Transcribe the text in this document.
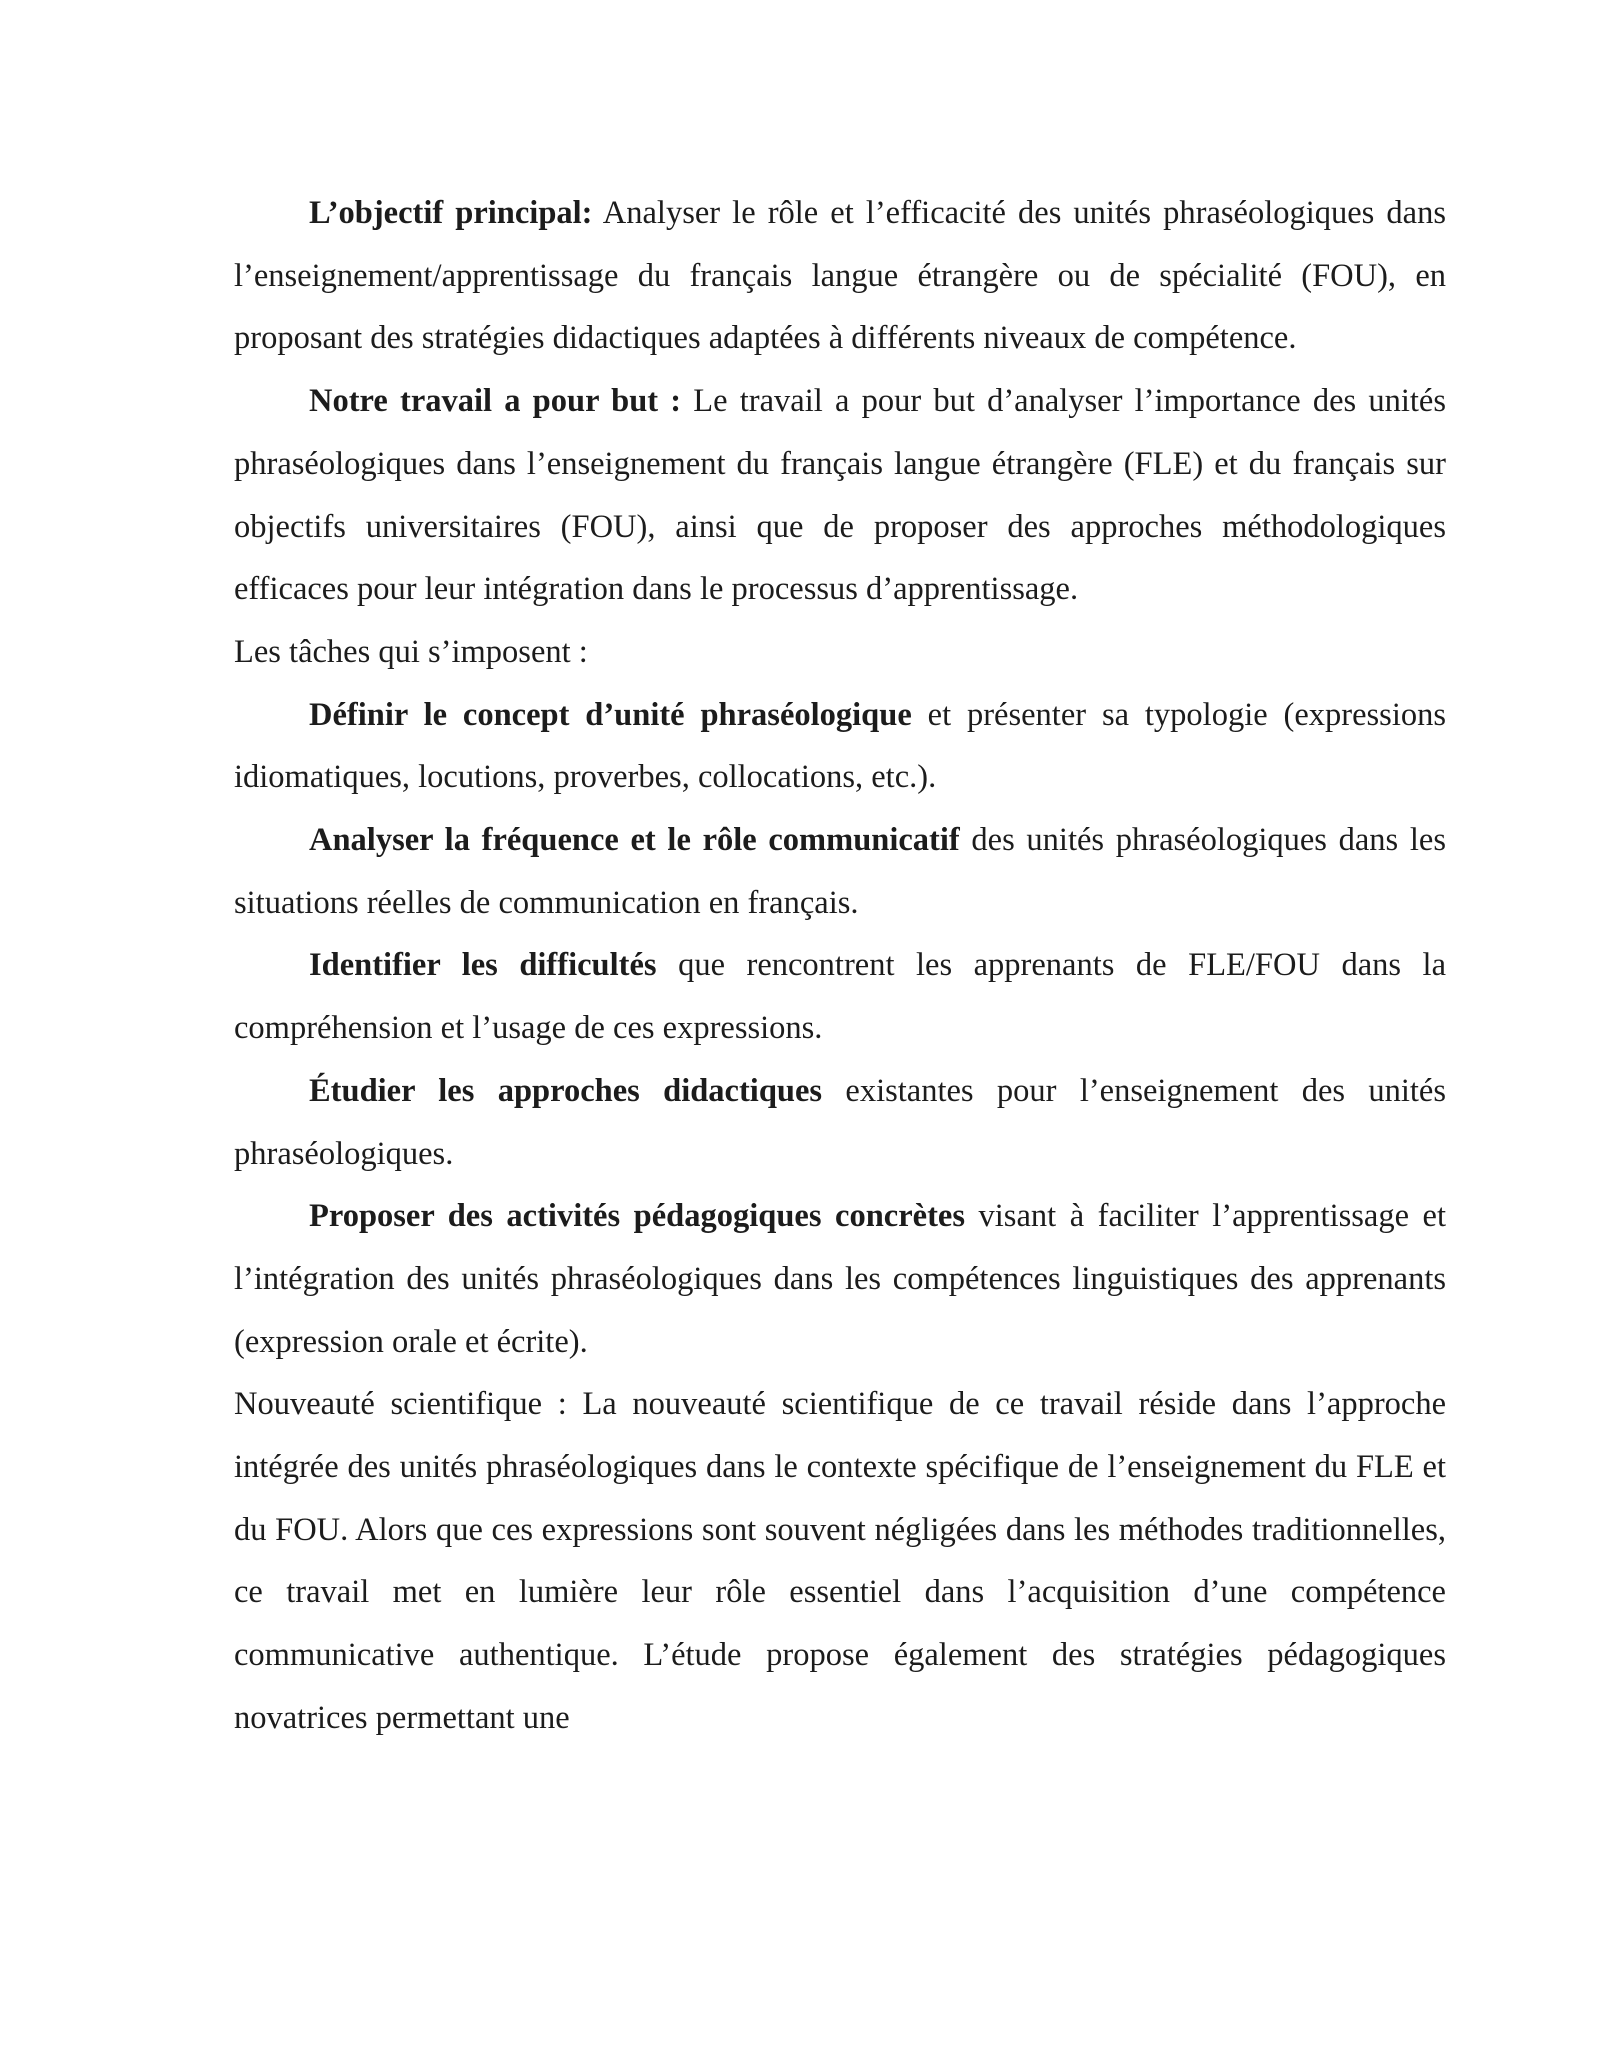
L’objectif principal: Analyser le rôle et l’efficacité des unités phraséologiques dans l’enseignement/apprentissage du français langue étrangère ou de spécialité (FOU), en proposant des stratégies didactiques adaptées à différents niveaux de compétence.

Notre travail a pour but : Le travail a pour but d’analyser l’importance des unités phraséologiques dans l’enseignement du français langue étrangère (FLE) et du français sur objectifs universitaires (FOU), ainsi que de proposer des approches méthodologiques efficaces pour leur intégration dans le processus d’apprentissage.

Les tâches qui s’imposent :

Définir le concept d’unité phraséologique et présenter sa typologie (expressions idiomatiques, locutions, proverbes, collocations, etc.).

Analyser la fréquence et le rôle communicatif des unités phraséologiques dans les situations réelles de communication en français.

Identifier les difficultés que rencontrent les apprenants de FLE/FOU dans la compréhension et l’usage de ces expressions.

Étudier les approches didactiques existantes pour l’enseignement des unités phraséologiques.

Proposer des activités pédagogiques concrètes visant à faciliter l’apprentissage et l’intégration des unités phraséologiques dans les compétences linguistiques des apprenants (expression orale et écrite).

Nouveauté scientifique : La nouveauté scientifique de ce travail réside dans l’approche intégrée des unités phraséologiques dans le contexte spécifique de l’enseignement du FLE et du FOU. Alors que ces expressions sont souvent négligées dans les méthodes traditionnelles, ce travail met en lumière leur rôle essentiel dans l’acquisition d’une compétence communicative authentique. L’étude propose également des stratégies pédagogiques novatrices permettant une
